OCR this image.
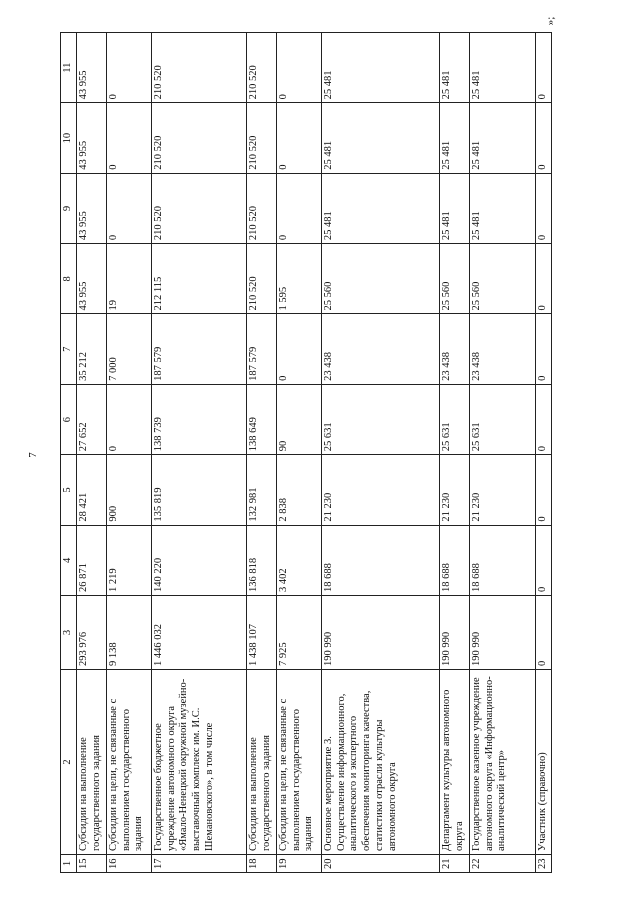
7
»;
1	2	3	4	5	6	7	8	9	10	11
15	Субсидии на выполнение государственного задания	293 976	26 871	28 421	27 652	35 212	43 955	43 955	43 955	43 955
16	Субсидии на цели, не связанные с выполнением государственного задания	9 138	1 219	900	0	7 000	19	0	0	0
17	Государственное бюджетное учреждение автономного округа «Ямало-Ненецкий окружной музейно-выставочный комплекс им. И.С. Шемановского», в том числе	1 446 032	140 220	135 819	138 739	187 579	212 115	210 520	210 520	210 520
18	Субсидии на выполнение государственного задания	1 438 107	136 818	132 981	138 649	187 579	210 520	210 520	210 520	210 520
19	Субсидии на цели, не связанные с выполнением государственного задания	7 925	3 402	2 838	90	0	1 595	0	0	0
20	Основное мероприятие 3. Осуществление информационного, аналитического и экспертного обеспечения мониторинга качества, статистики отрасли культуры автономного округа	190 990	18 688	21 230	25 631	23 438	25 560	25 481	25 481	25 481
21	Департамент культуры автономного округа	190 990	18 688	21 230	25 631	23 438	25 560	25 481	25 481	25 481
22	Государственное казенное учреждение автономного округа «Информационно-аналитический центр»	190 990	18 688	21 230	25 631	23 438	25 560	25 481	25 481	25 481
23	Участник (справочно)	0	0	0	0	0	0	0	0	0
